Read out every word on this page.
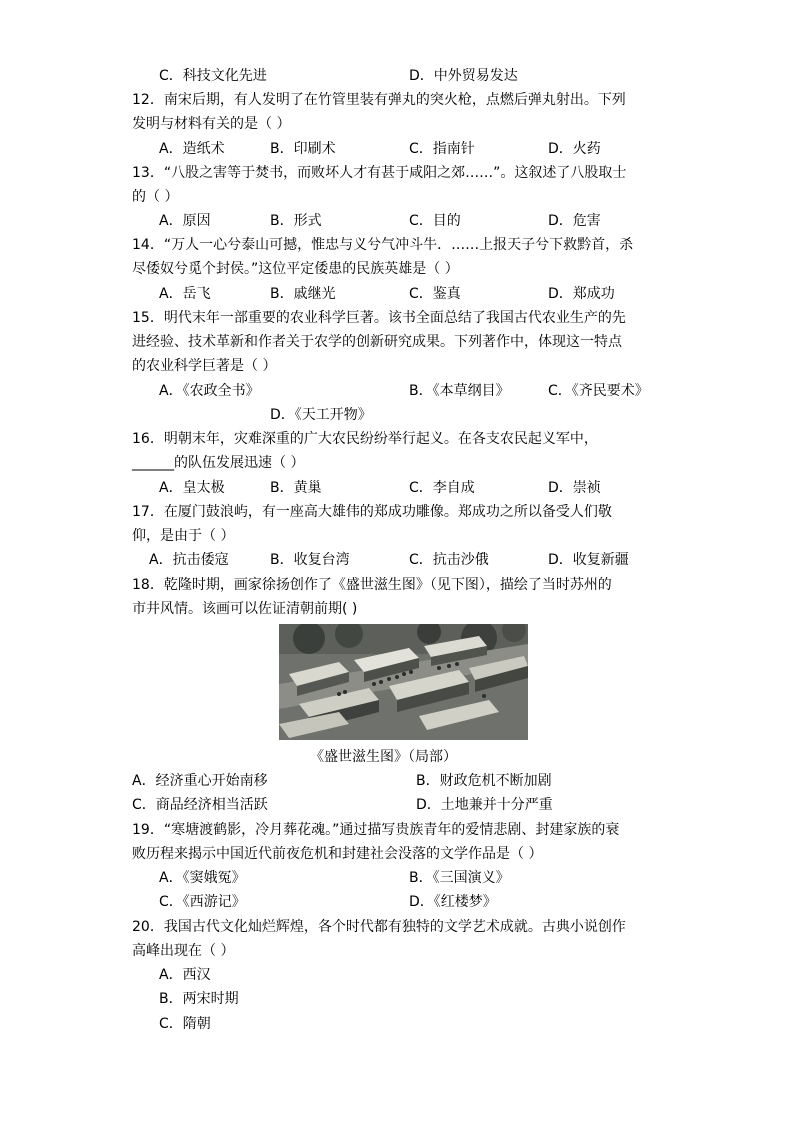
C．科技文化先进	D．中外贸易发达
12．南宋后期，有人发明了在竹管里装有弹丸的突火枪，点燃后弹丸射出。下列
发明与材料有关的是（ ）
A．造纸术	B．印刷术	C．指南针	D．火药
13．“八股之害等于焚书，而败坏人才有甚于咸阳之郊……”。这叙述了八股取士
的（ ）
A．原因	B．形式	C．目的	D．危害
14．“万人一心兮泰山可撼，惟忠与义兮气冲斗牛．……上报天子兮下救黔首，杀
尽倭奴兮觅个封侯。”这位平定倭患的民族英雄是（ ）
A．岳飞	B．戚继光	C．鉴真	D．郑成功
15．明代末年一部重要的农业科学巨著。该书全面总结了我国古代农业生产的先
进经验、技术革新和作者关于农学的创新研究成果。下列著作中，体现这一特点
的农业科学巨著是（ ）
A．《农政全书》	B．《本草纲目》	C．《齐民要术》
D．《天工开物》
16．明朝末年，灾难深重的广大农民纷纷举行起义。在各支农民起义军中，
______的队伍发展迅速（ ）
A．皇太极	B．黄巢	C．李自成	D．崇祯
17．在厦门鼓浪屿，有一座高大雄伟的郑成功雕像。郑成功之所以备受人们敬
仰，是由于（ ）
A．抗击倭寇	B．收复台湾	C．抗击沙俄	D．收复新疆
18．乾隆时期，画家徐扬创作了《盛世滋生图》（见下图），描绘了当时苏州的
市井风情。该画可以佐证清朝前期( )
《盛世滋生图》（局部）
A．经济重心开始南移	B．财政危机不断加剧
C．商品经济相当活跃	D．土地兼并十分严重
19．“寒塘渡鹤影，冷月葬花魂。”通过描写贵族青年的爱情悲剧、封建家族的衰
败历程来揭示中国近代前夜危机和封建社会没落的文学作品是（ ）
A．《窦娥冤》	B．《三国演义》
C．《西游记》	D．《红楼梦》
20．我国古代文化灿烂辉煌，各个时代都有独特的文学艺术成就。古典小说创作
高峰出现在（ ）
A．西汉
B．两宋时期
C．隋朝
